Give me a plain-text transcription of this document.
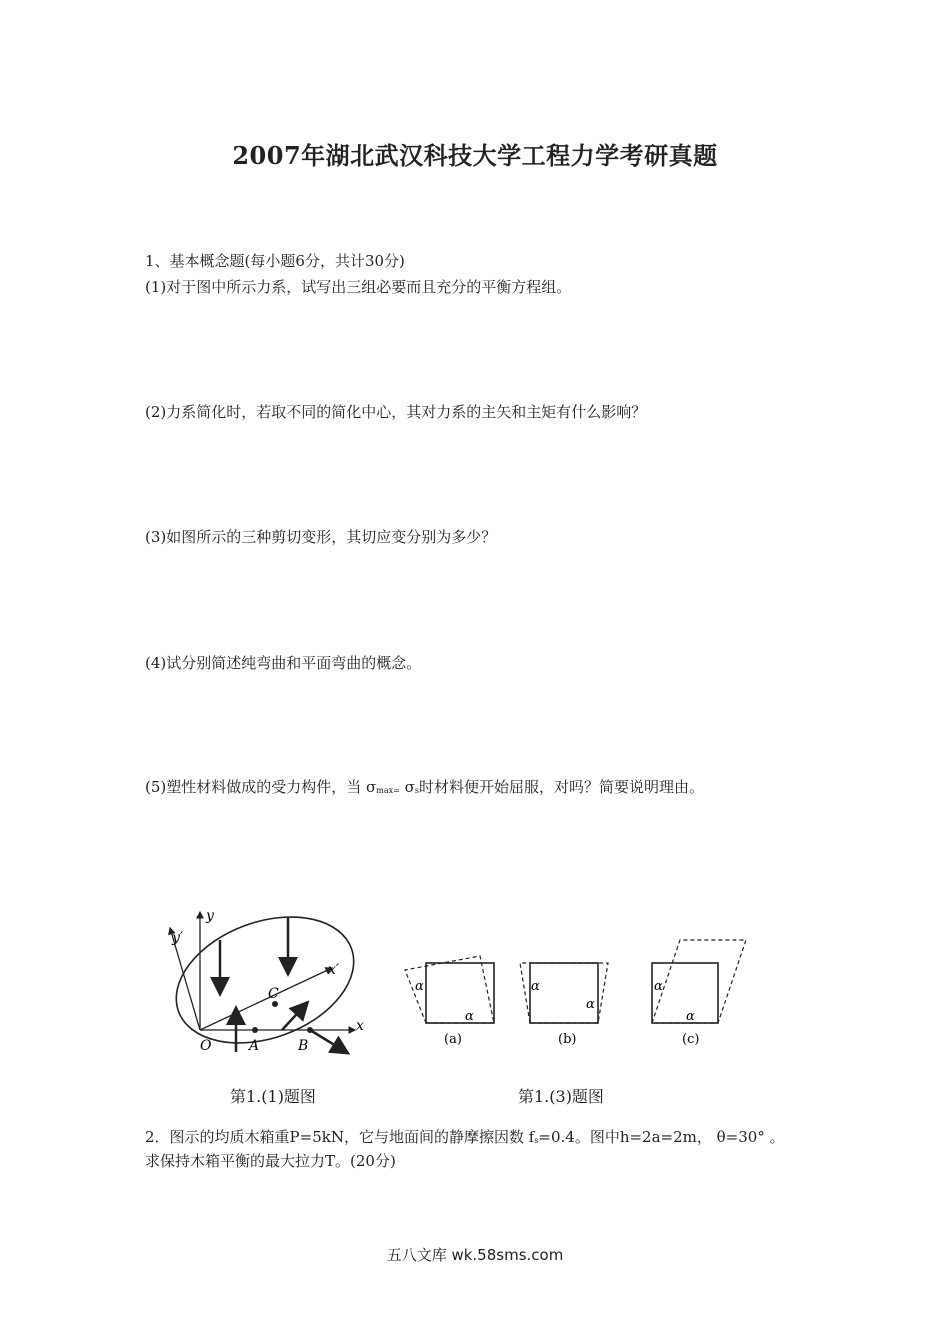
2007年湖北武汉科技大学工程力学考研真题
1、基本概念题(每小题6分，共计30分)
(1)对于图中所示力系，试写出三组必要而且充分的平衡方程组。
(2)力系简化时，若取不同的简化中心，其对力系的主矢和主矩有什么影响？
(3)如图所示的三种剪切变形，其切应变分别为多少？
(4)试分别简述纯弯曲和平面弯曲的概念。
(5)塑性材料做成的受力构件，当 σmax= σs时材料便开始屈服，对吗？简要说明理由。
y′
y
x′
x
O	A	B
C
第1.(1)题图
α
α
(a)
α
α
(b)
α
α
(c)
第1.(3)题图
2．图示的均质木箱重P=5kN，它与地面间的静摩擦因数 fs=0.4。图中h=2a=2m， θ=30° 。
求保持木箱平衡的最大拉力T。(20分)
五八文库 wk.58sms.com
